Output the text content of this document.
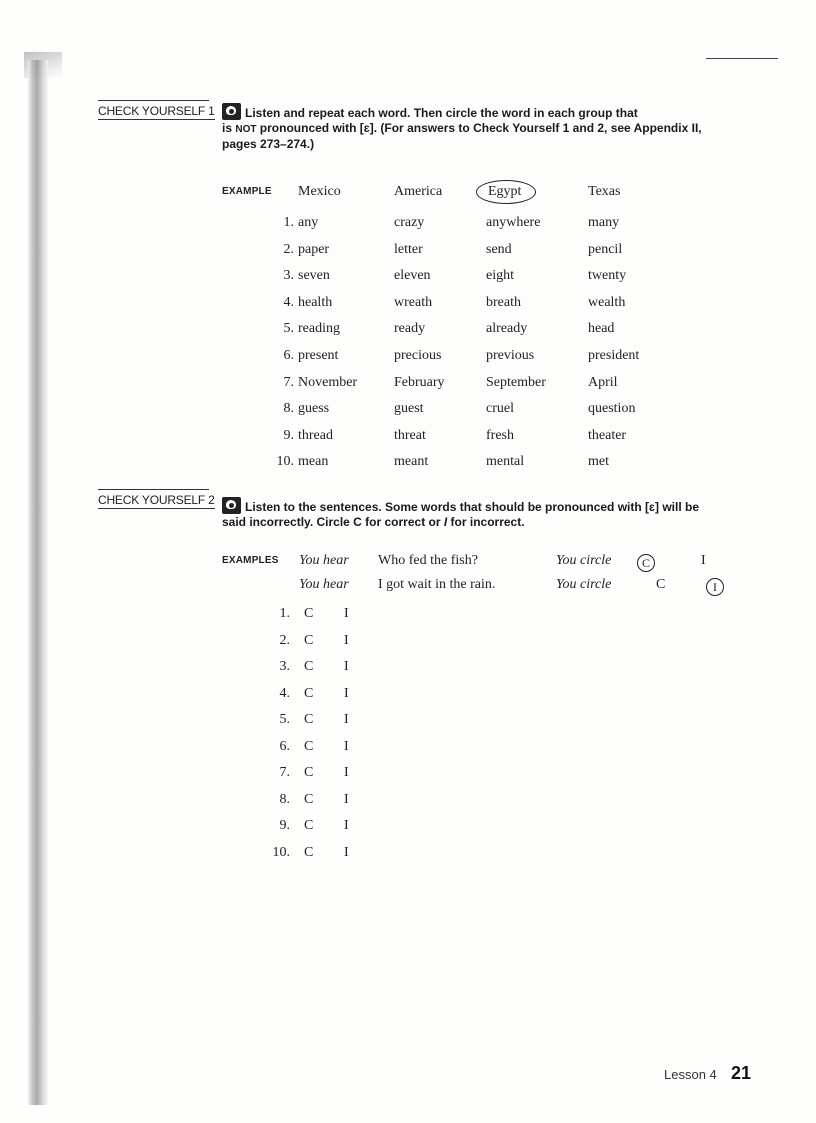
CHECK YOURSELF 1	Listen and repeat each word. Then circle the word in each group that
is NOT pronounced with [ɛ]. (For answers to Check Yourself 1 and 2, see Appendix II,
pages 273–274.)
EXAMPLE Mexico	America	Egypt	Texas
1. any	crazy	anywhere	many
2. paper	letter	send	pencil
3. seven	eleven	eight	twenty
4. health	wreath	breath	wealth
5. reading	ready	already	head
6. present	precious	previous	president
7. November	February	September	April
8. guess	guest	cruel	question
9. thread	threat	fresh	theater
10. mean	meant	mental	met
CHECK YOURSELF 2	Listen to the sentences. Some words that should be pronounced with [ɛ] will be
said incorrectly. Circle C for correct or I for incorrect.
EXAMPLES You hear Who fed the fish?	You circle	C	I
You hear I got wait in the rain.	You circle	C	I
1. C I
2. C I
3. C I
4. C I
5. C I
6. C I
7. C I
8. C I
9. C I
10. C I
Lesson 4 21
